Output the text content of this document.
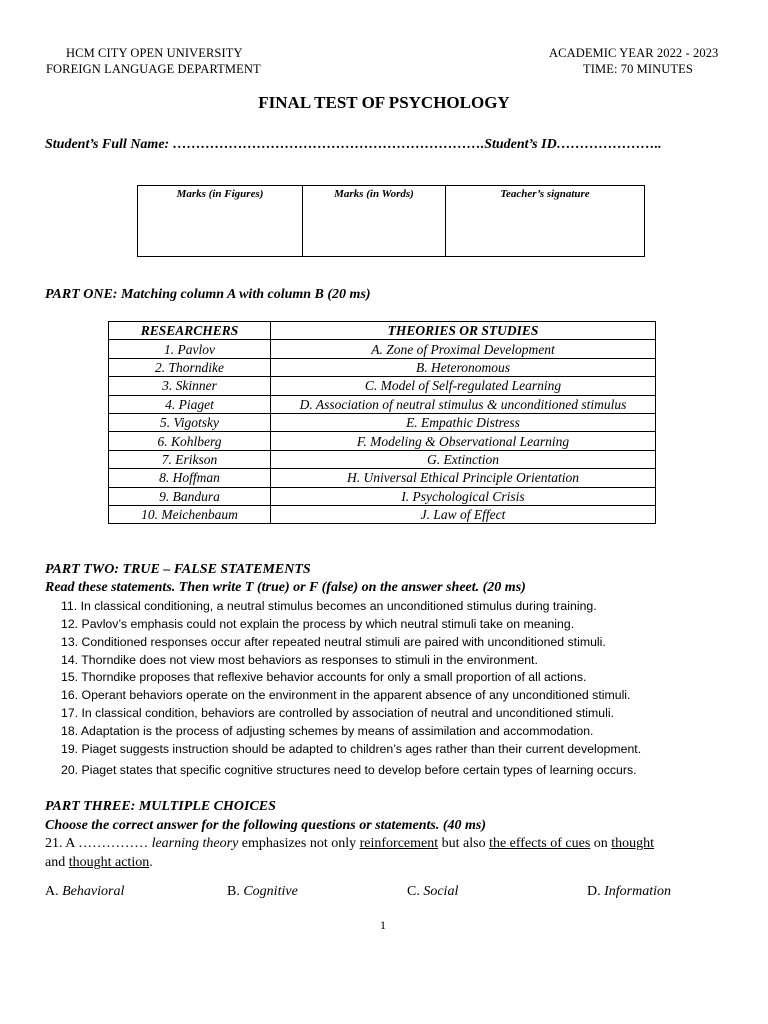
HCM CITY OPEN UNIVERSITY
FOREIGN LANGUAGE DEPARTMENT
ACADEMIC YEAR 2022 - 2023
TIME: 70 MINUTES
FINAL TEST OF PSYCHOLOGY
Student’s Full Name: ………………………………………………………….Student’s ID…………………..
Marks (in Figures)	Marks (in Words)	Teacher’s signature
PART ONE: Matching column A with column B (20 ms)
RESEARCHERS	THEORIES OR STUDIES
1. Pavlov	A. Zone of Proximal Development
2. Thorndike	B. Heteronomous
3. Skinner	C. Model of Self-regulated Learning
4. Piaget	D. Association of neutral stimulus & unconditioned stimulus
5. Vigotsky	E. Empathic Distress
6. Kohlberg	F. Modeling & Observational Learning
7. Erikson	G. Extinction
8. Hoffman	H. Universal Ethical Principle Orientation
9. Bandura	I. Psychological Crisis
10. Meichenbaum	J. Law of Effect
PART TWO: TRUE – FALSE STATEMENTS
Read these statements. Then write T (true) or F (false) on the answer sheet. (20 ms)
11. In classical conditioning, a neutral stimulus becomes an unconditioned stimulus during training.
12. Pavlov’s emphasis could not explain the process by which neutral stimuli take on meaning.
13. Conditioned responses occur after repeated neutral stimuli are paired with unconditioned stimuli.
14. Thorndike does not view most behaviors as responses to stimuli in the environment.
15. Thorndike proposes that reflexive behavior accounts for only a small proportion of all actions.
16. Operant behaviors operate on the environment in the apparent absence of any unconditioned stimuli.
17. In classical condition, behaviors are controlled by association of neutral and unconditioned stimuli.
18. Adaptation is the process of adjusting schemes by means of assimilation and accommodation.
19. Piaget suggests instruction should be adapted to children’s ages rather than their current development.
20. Piaget states that specific cognitive structures need to develop before certain types of learning occurs.
PART THREE: MULTIPLE CHOICES
Choose the correct answer for the following questions or statements. (40 ms)
21. A …………… learning theory emphasizes not only reinforcement but also the effects of cues on thought
and thought action.
A. Behavioral	B. Cognitive	C. Social	D. Information
1
